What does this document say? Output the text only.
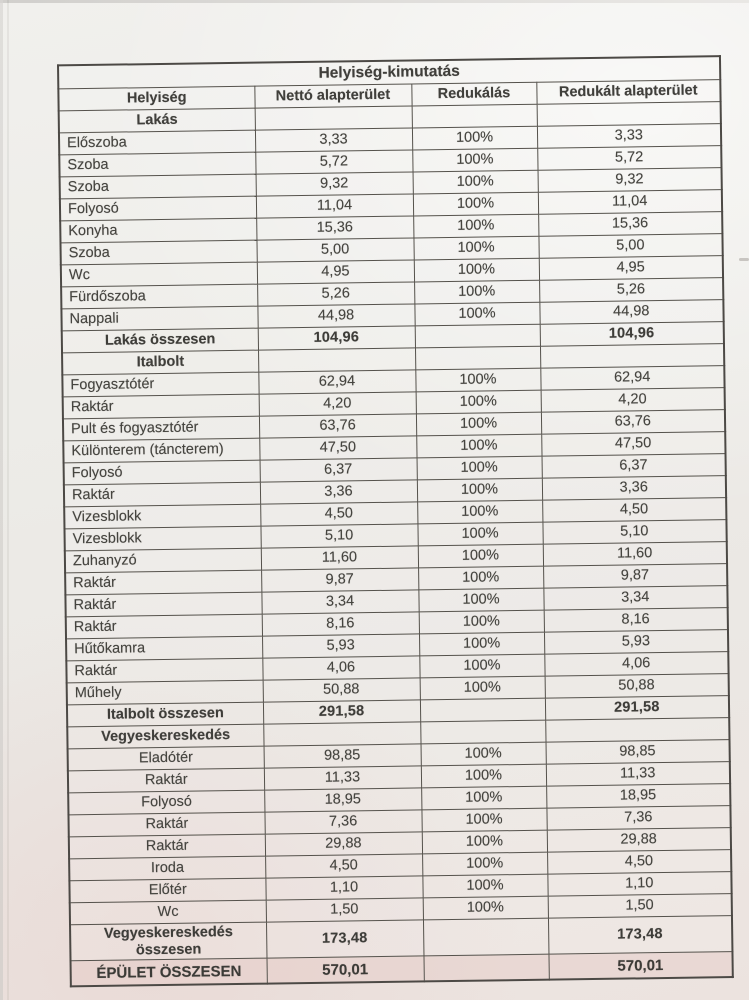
Helyiség-kimutatás			
Helyiség	Nettó alapterület	Redukálás	Redukált alapterület
Lakás			
Előszoba	3,33	100%	3,33
Szoba	5,72	100%	5,72
Szoba	9,32	100%	9,32
Folyosó	11,04	100%	11,04
Konyha	15,36	100%	15,36
Szoba	5,00	100%	5,00
Wc	4,95	100%	4,95
Fürdőszoba	5,26	100%	5,26
Nappali	44,98	100%	44,98
Lakás összesen	104,96		104,96
Italbolt			
Fogyasztótér	62,94	100%	62,94
Raktár	4,20	100%	4,20
Pult és fogyasztótér	63,76	100%	63,76
Különterem (táncterem)	47,50	100%	47,50
Folyosó	6,37	100%	6,37
Raktár	3,36	100%	3,36
Vizesblokk	4,50	100%	4,50
Vizesblokk	5,10	100%	5,10
Zuhanyzó	11,60	100%	11,60
Raktár	9,87	100%	9,87
Raktár	3,34	100%	3,34
Raktár	8,16	100%	8,16
Hűtőkamra	5,93	100%	5,93
Raktár	4,06	100%	4,06
Műhely	50,88	100%	50,88
Italbolt összesen	291,58		291,58
Vegyeskereskedés			
Eladótér	98,85	100%	98,85
Raktár	11,33	100%	11,33
Folyosó	18,95	100%	18,95
Raktár	7,36	100%	7,36
Raktár	29,88	100%	29,88
Iroda	4,50	100%	4,50
Előtér	1,10	100%	1,10
Wc	1,50	100%	1,50
Vegyeskereskedés összesen	173,48		173,48
ÉPÜLET ÖSSZESEN	570,01		570,01
